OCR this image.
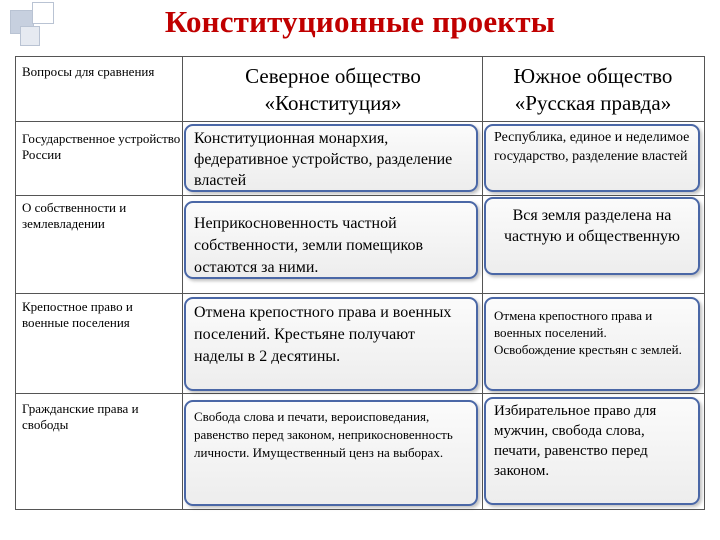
Конституционные проекты
Вопросы для сравнения	Северное общество
«Конституция»
Южное общество
«Русская правда»
Государственное устройство России
Конституционная монархия, федеративное устройство, разделение властей
Республика, единое и неделимое государство, разделение властей
О собственности и землевладении	Неприкосновенность частной собственности, земли помещиков остаются за ними.
Вся земля разделена на частную и общественную
Крепостное право и военные поселения
Отмена крепостного права и военных поселений. Крестьяне получают наделы в 2 десятины.
Отмена крепостного права и военных поселений. Освобождение крестьян с землей.
Гражданские права и свободы
Свобода слова и печати, вероисповедания, равенство перед законом, неприкосновенность личности. Имущественный ценз на выборах.
Избирательное право для мужчин, свобода слова, печати, равенство перед законом.
